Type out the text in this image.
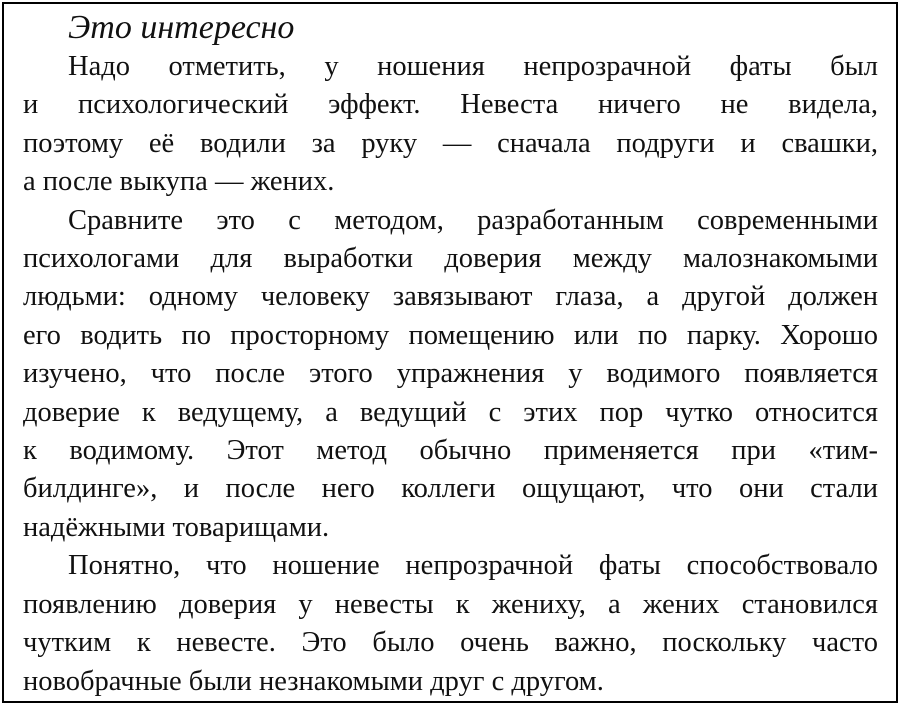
Это интересно
Надо отметить, у ношения непрозрачной фаты был
и психологический эффект. Невеста ничего не видела,
поэтому её водили за руку — сначала подруги и свашки,
а после выкупа — жених.
Сравните это с методом, разработанным современными
психологами для выработки доверия между малознакомыми
людьми: одному человеку завязывают глаза, а другой должен
его водить по просторному помещению или по парку. Хорошо
изучено, что после этого упражнения у водимого появляется
доверие к ведущему, а ведущий с этих пор чутко относится
к водимому. Этот метод обычно применяется при «тим-
билдинге», и после него коллеги ощущают, что они стали
надёжными товарищами.
Понятно, что ношение непрозрачной фаты способствовало
появлению доверия у невесты к жениху, а жених становился
чутким к невесте. Это было очень важно, поскольку часто
новобрачные были незнакомыми друг с другом.
